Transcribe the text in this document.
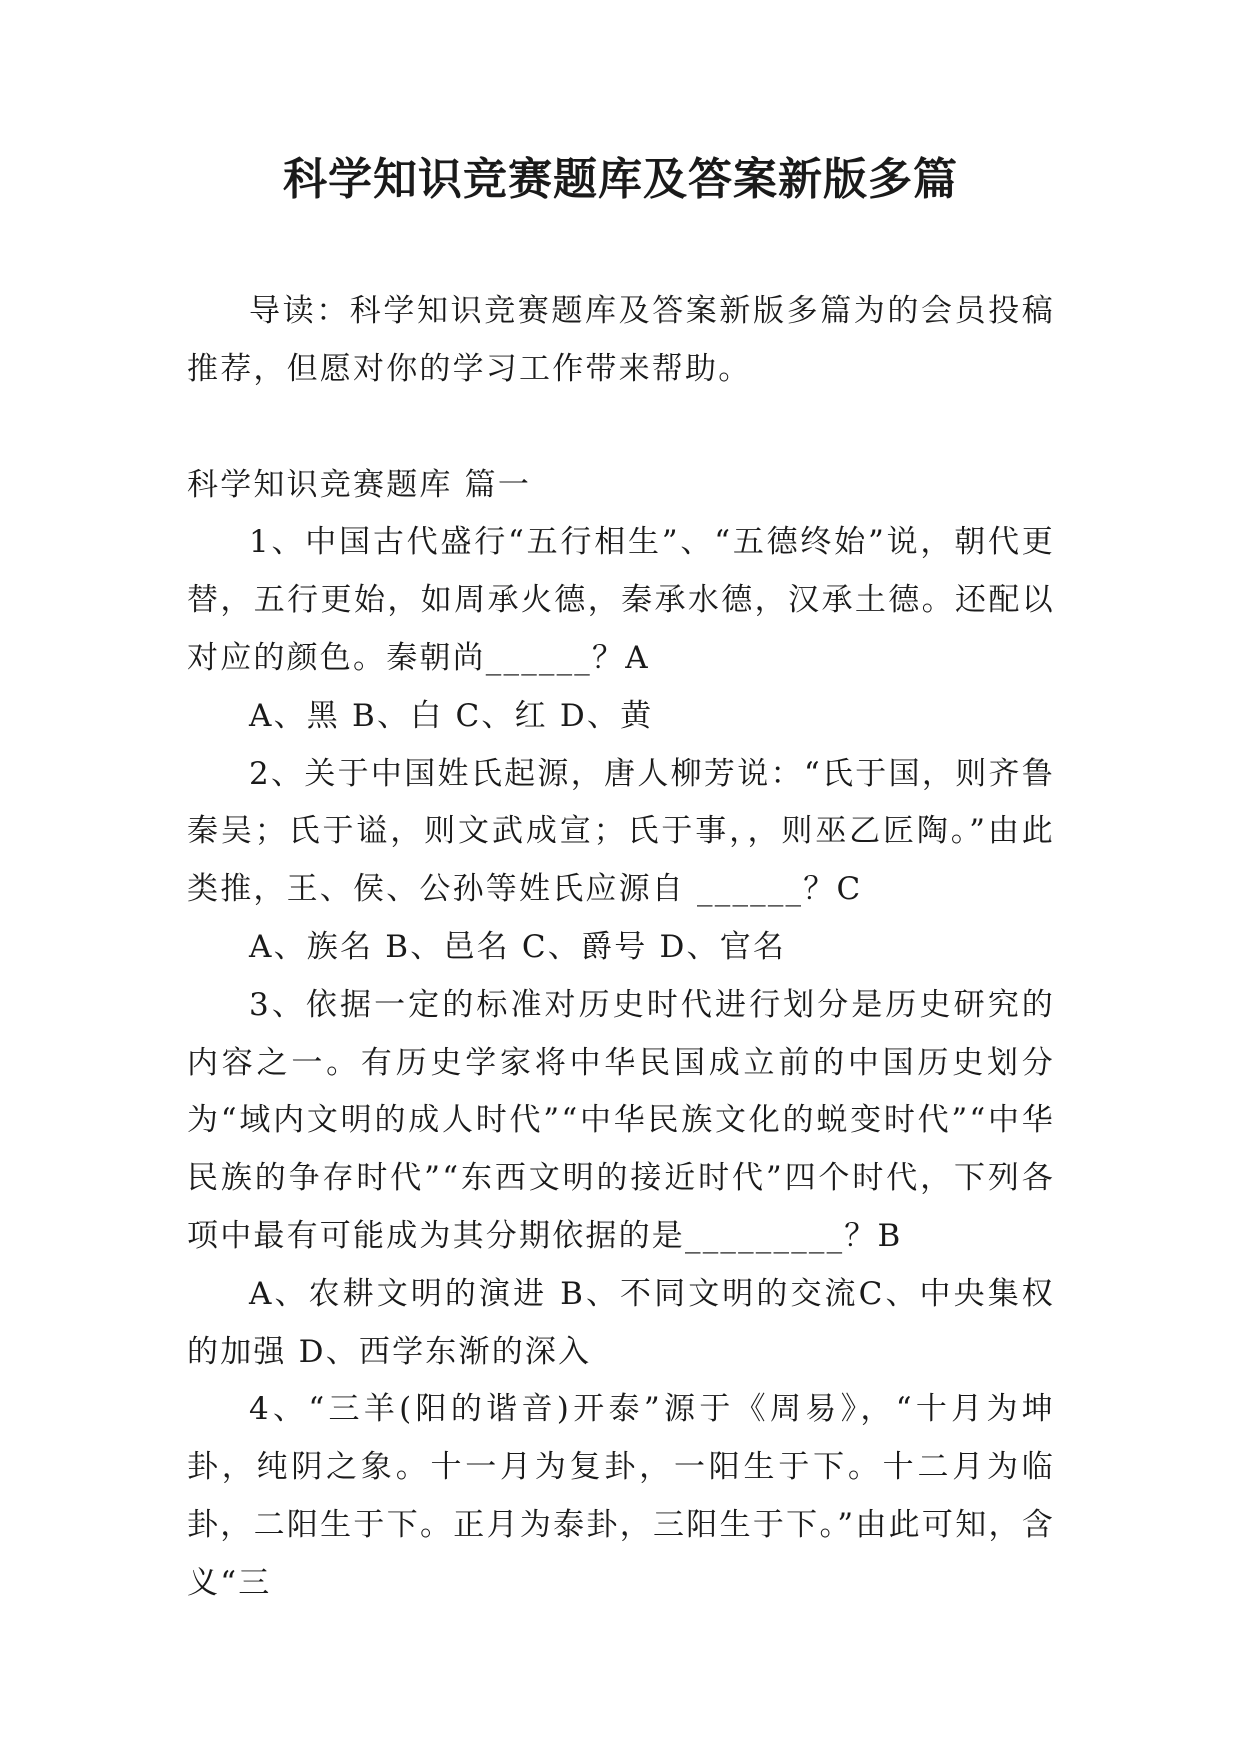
科学知识竞赛题库及答案新版多篇

导读：科学知识竞赛题库及答案新版多篇为的会员投稿推荐，但愿对你的学习工作带来帮助。

科学知识竞赛题库 篇一

1、中国古代盛行“五行相生”、“五德终始”说，朝代更替，五行更始，如周承火德，秦承水德，汉承土德。还配以对应的颜色。秦朝尚______？A

A、黑 B、白 C、红 D、黄

2、关于中国姓氏起源，唐人柳芳说：“氏于国，则齐鲁秦吴；氏于谥，则文武成宣；氏于事，，则巫乙匠陶。”由此类推，王、侯、公孙等姓氏应源自 ______？C

A、族名 B、邑名 C、爵号 D、官名

3、依据一定的标准对历史时代进行划分是历史研究的内容之一。有历史学家将中华民国成立前的中国历史划分为“域内文明的成人时代”“中华民族文化的蜕变时代”“中华民族的争存时代”“东西文明的接近时代”四个时代，下列各项中最有可能成为其分期依据的是_________？B

A、农耕文明的演进 B、不同文明的交流C、中央集权的加强 D、西学东渐的深入

4、“三羊(阳的谐音)开泰”源于《周易》，“十月为坤卦，纯阴之象。十一月为复卦，一阳生于下。十二月为临卦，二阳生于下。正月为泰卦，三阳生于下。”由此可知，含义“三
